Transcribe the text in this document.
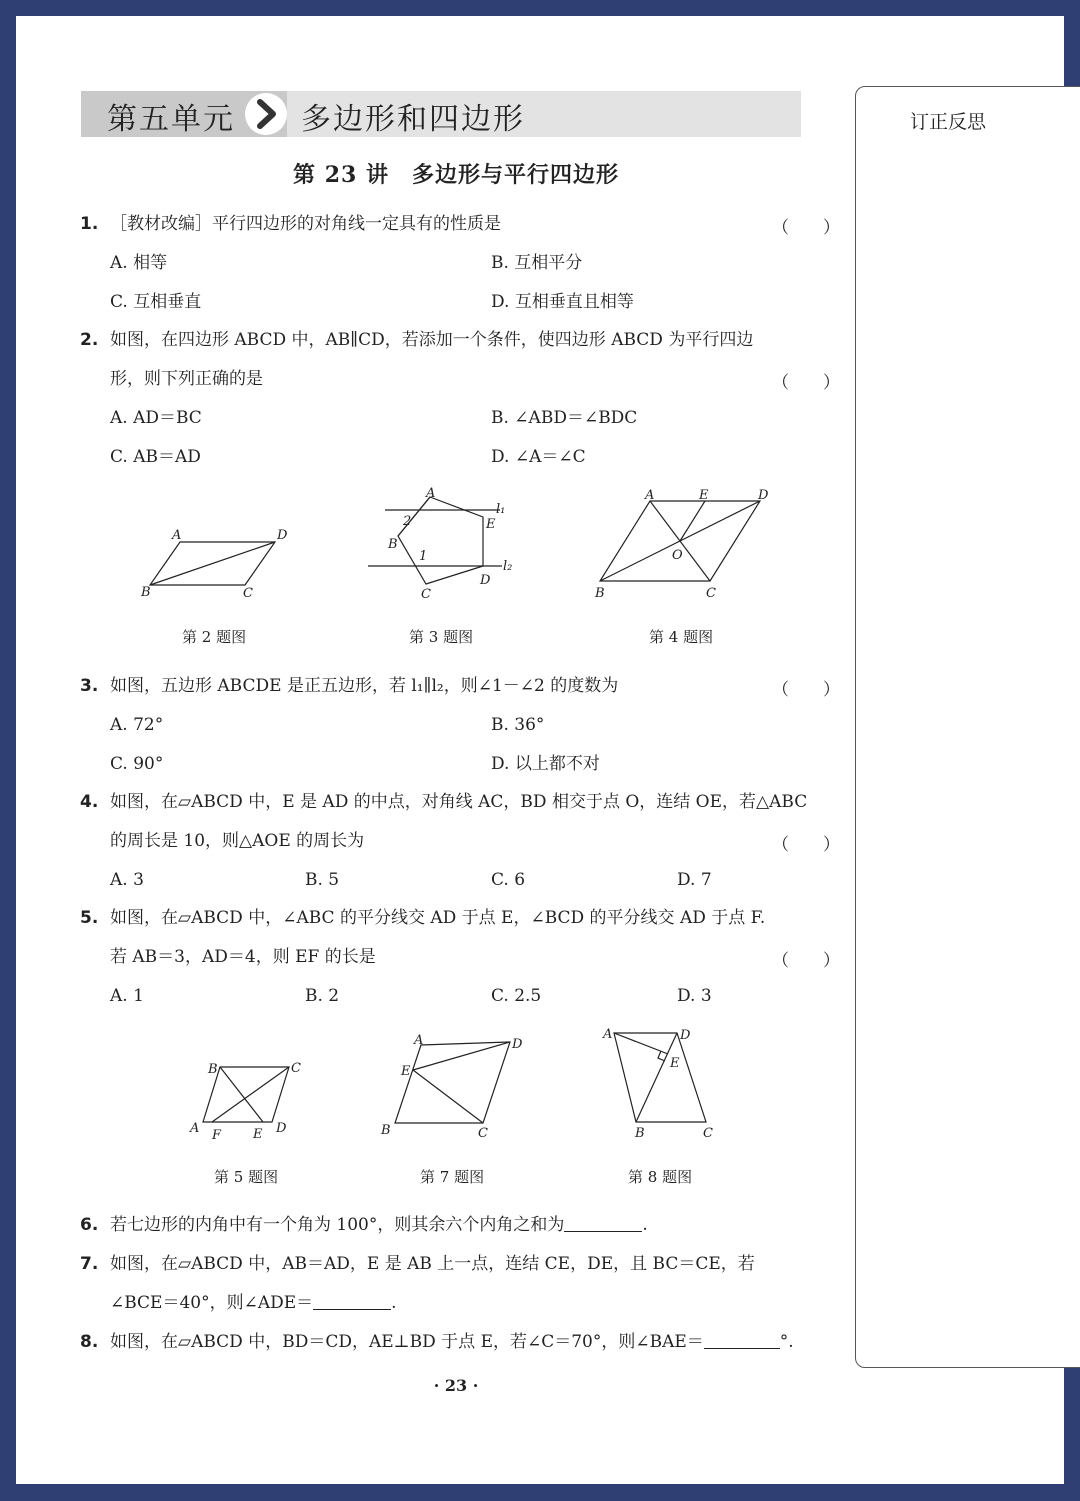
订正反思
第五单元 多边形和四边形
第 23 讲　多边形与平行四边形
1. ［教材改编］平行四边形的对角线一定具有的性质是	（　　）
A. 相等	B. 互相平分
C. 互相垂直	D. 互相垂直且相等
2. 如图，在四边形 ABCD 中，AB∥CD，若添加一个条件，使四边形 ABCD 为平行四边
形，则下列正确的是	（　　）
A. AD＝BC	B. ∠ABD＝∠BDC
C. AB＝AD	D. ∠A＝∠C
A	D
B	C
A
l₁
E
2
B
1
l₂
D
C
A	E	D
O
B	C
第 2 题图	第 3 题图	第 4 题图
3. 如图，五边形 ABCDE 是正五边形，若 l₁∥l₂，则∠1－∠2 的度数为	（　　）
A. 72°	B. 36°
C. 90°	D. 以上都不对
4. 如图，在▱ABCD 中，E 是 AD 的中点，对角线 AC，BD 相交于点 O，连结 OE，若△ABC
的周长是 10，则△AOE 的周长为	（　　）
A. 3	B. 5	C. 6	D. 7
5. 如图，在▱ABCD 中，∠ABC 的平分线交 AD 于点 E，∠BCD 的平分线交 AD 于点 F.
若 AB＝3，AD＝4，则 EF 的长是	（　　）
A. 1	B. 2	C. 2.5	D. 3
B	C
A F E D
A	D
E
B	C
A	D
E
B	C
第 5 题图	第 7 题图	第 8 题图
6. 若七边形的内角中有一个角为 100°，则其余六个内角之和为	.
7. 如图，在▱ABCD 中，AB＝AD，E 是 AB 上一点，连结 CE，DE，且 BC＝CE，若
∠BCE＝40°，则∠ADE＝	.
8. 如图，在▱ABCD 中，BD＝CD，AE⊥BD 于点 E，若∠C＝70°，则∠BAE＝	°.
· 23 ·
